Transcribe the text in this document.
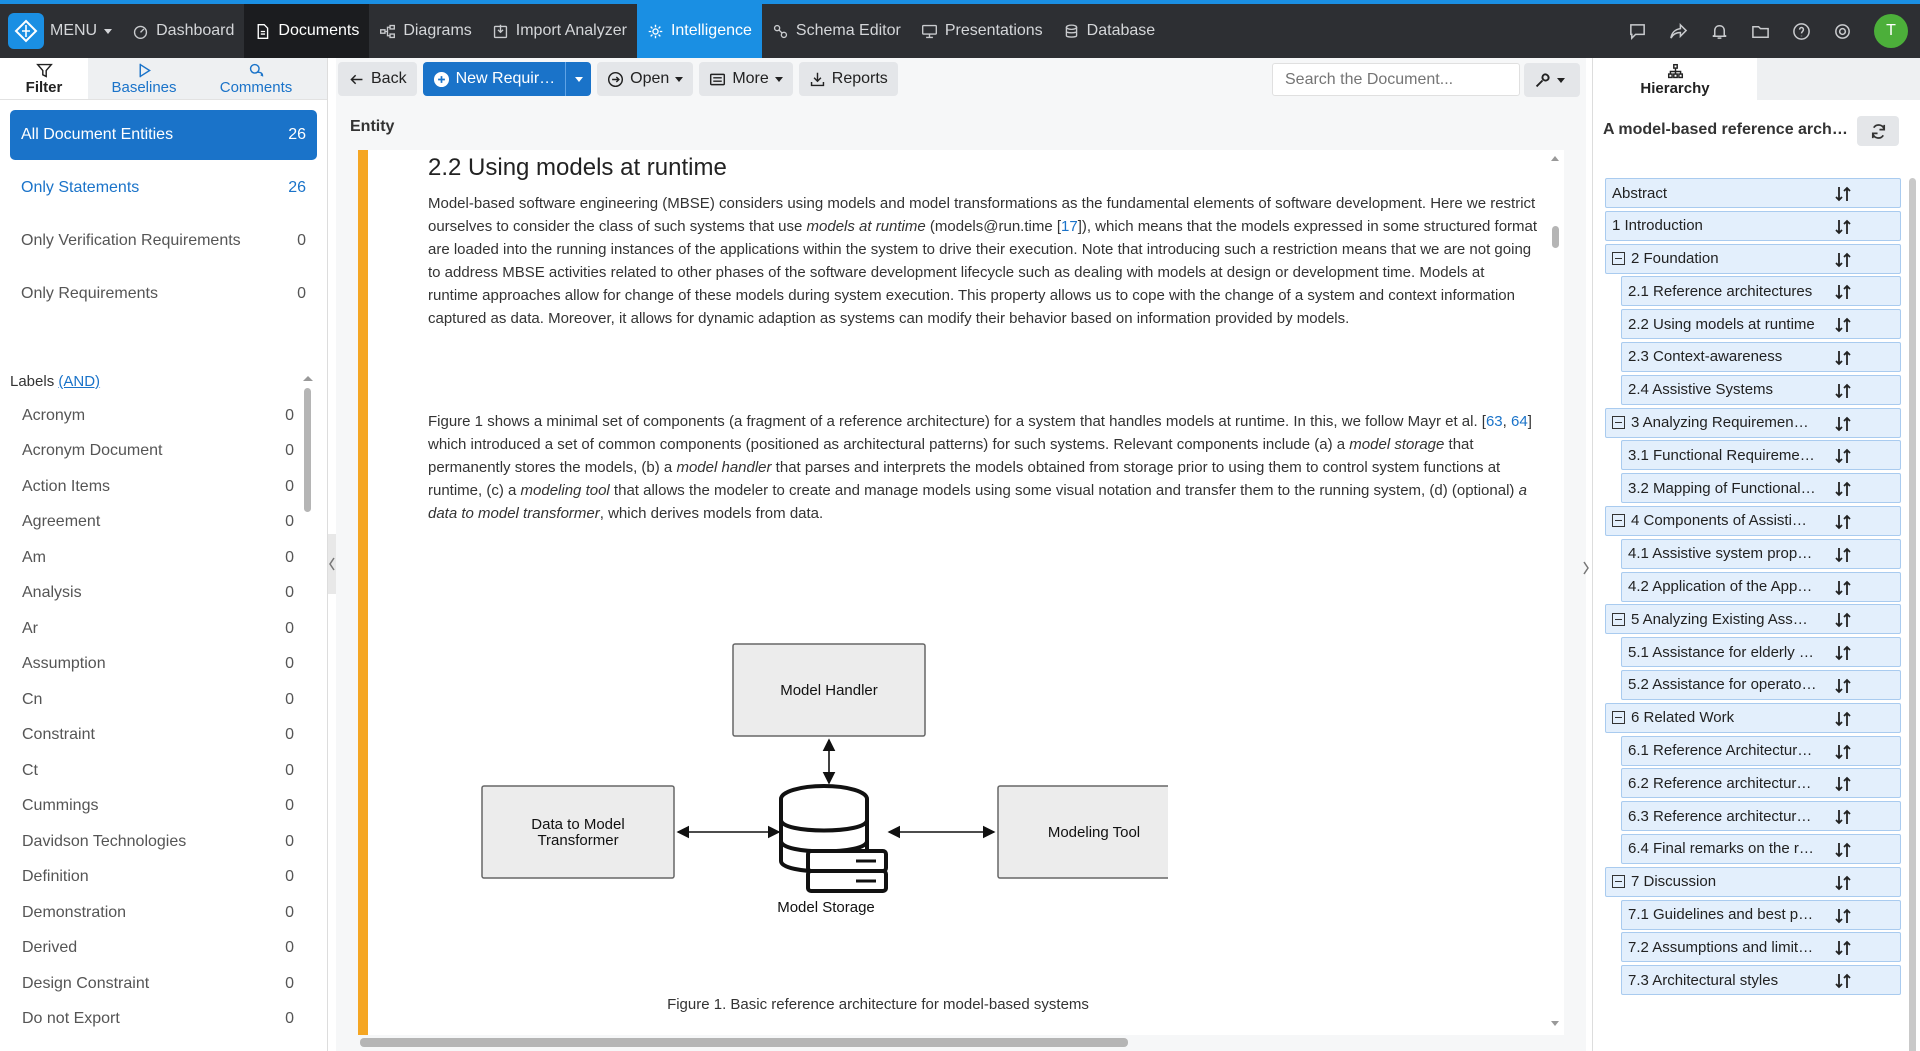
MENU	Dashboard	Documents	Diagrams	Import Analyzer	Intelligence	Schema Editor	Presentations	Database	T
Filter	Baselines	Comments
All Document Entities	26
Only Statements	26
Only Verification Requirements	0
Only Requirements	0
Labels (AND)
Acronym	0
Acronym Document	0
Action Items	0
Agreement	0
Am	0
Analysis	0
Ar	0
Assumption	0
Cn	0
Constraint	0
Ct	0
Cummings	0
Davidson Technologies	0
Definition	0
Demonstration	0
Derived	0
Design Constraint	0
Do not Export	0
Back	New Requir…	Open	More	Reports
Search the Document...
Entity
2.2 Using models at runtime

Model-based software engineering (MBSE) considers using models and model transformations as the fundamental elements of software development. Here we restrict ourselves to consider the class of such systems that use models at runtime (models@run.time [17]), which means that the models expressed in some structured format are loaded into the running instances of the applications within the system to drive their execution. Note that introducing such a restriction means that we are not going to address MBSE activities related to other phases of the software development lifecycle such as dealing with models at design or development time. Models at runtime approaches allow for change of these models during system execution. This property allows us to cope with the change of a system and context information captured as data. Moreover, it allows for dynamic adaption as systems can modify their behavior based on information provided by models.

Figure 1 shows a minimal set of components (a fragment of a reference architecture) for a system that handles models at runtime. In this, we follow Mayr et al. [63, 64] which introduced a set of common components (positioned as architectural patterns) for such systems. Relevant components include (a) a model storage that permanently stores the models, (b) a model handler that parses and interprets the models obtained from storage prior to using them to control system functions at runtime, (c) a modeling tool that allows the modeler to create and manage models using some visual notation and transfer them to the running system, (d) (optional) a data to model transformer, which derives models from data.

Model Handler
Data to Model
Transformer	Modeling Tool
Model Storage
Figure 1. Basic reference architecture for model-based systems
Hierarchy
A model-based reference arch…
Abstract
1 Introduction
2 Foundation
2.1 Reference architectures
2.2 Using models at runtime
2.3 Context-awareness
2.4 Assistive Systems
3 Analyzing Requiremen…
3.1 Functional Requireme…
3.2 Mapping of Functional…
4 Components of Assisti…
4.1 Assistive system prop…
4.2 Application of the App…
5 Analyzing Existing Ass…
5.1 Assistance for elderly …
5.2 Assistance for operato…
6 Related Work
6.1 Reference Architectur…
6.2 Reference architectur…
6.3 Reference architectur…
6.4 Final remarks on the r…
7 Discussion
7.1 Guidelines and best p…
7.2 Assumptions and limit…
7.3 Architectural styles
